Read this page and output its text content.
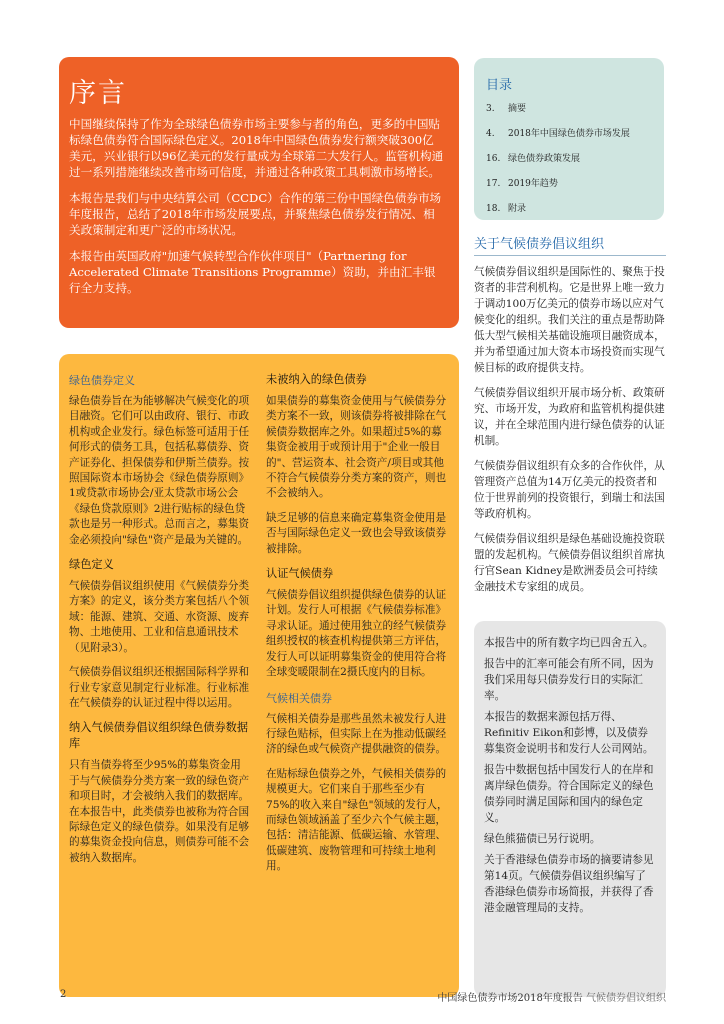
序言

中国继续保持了作为全球绿色债券市场主要参与者的角色，更多的中国贴标绿色债券符合国际绿色定义。2018年中国绿色债券发行额突破300亿美元，兴业银行以96亿美元的发行量成为全球第二大发行人。监管机构通过一系列措施继续改善市场可信度，并通过各种政策工具刺激市场增长。

本报告是我们与中央结算公司（CCDC）合作的第三份中国绿色债券市场年度报告，总结了2018年市场发展要点，并聚焦绿色债券发行情况、相关政策制定和更广泛的市场状况。

本报告由英国政府"加速气候转型合作伙伴项目"（Partnering for Accelerated Climate Transitions Programme）资助，并由汇丰银行全力支持。

目录
3. 摘要
4. 2018年中国绿色债券市场发展
16. 绿色债券政策发展
17. 2019年趋势
18. 附录
关于气候债券倡议组织

气候债券倡议组织是国际性的、聚焦于投资者的非营利机构。它是世界上唯一致力于调动100万亿美元的债券市场以应对气候变化的组织。我们关注的重点是帮助降低大型气候相关基础设施项目融资成本，并为希望通过加大资本市场投资而实现气候目标的政府提供支持。

气候债券倡议组织开展市场分析、政策研究、市场开发，为政府和监管机构提供建议，并在全球范围内进行绿色债券的认证机制。

气候债券倡议组织有众多的合作伙伴，从管理资产总值为14万亿美元的投资者和位于世界前列的投资银行，到瑞士和法国等政府机构。

气候债券倡议组织是绿色基础设施投资联盟的发起机构。气候债券倡议组织首席执行官Sean Kidney是欧洲委员会可持续金融技术专家组的成员。

绿色债券定义

绿色债券旨在为能够解决气候变化的项目融资。它们可以由政府、银行、市政机构或企业发行。绿色标签可适用于任何形式的债务工具，包括私募债券、资产证券化、担保债券和伊斯兰债券。按照国际资本市场协会《绿色债券原则》1或贷款市场协会/亚太贷款市场公会《绿色贷款原则》2进行贴标的绿色贷款也是另一种形式。总而言之，募集资金必须投向"绿色"资产是最为关键的。

绿色定义

气候债券倡议组织使用《气候债券分类方案》的定义，该分类方案包括八个领域：能源、建筑、交通、水资源、废弃物、土地使用、工业和信息通讯技术（见附录3）。

气候债券倡议组织还根据国际科学界和行业专家意见制定行业标准。行业标准在气候债券的认证过程中得以运用。

纳入气候债券倡议组织绿色债券数据库

只有当债券将至少95%的募集资金用于与气候债券分类方案一致的绿色资产和项目时，才会被纳入我们的数据库。在本报告中，此类债券也被称为符合国际绿色定义的绿色债券。如果没有足够的募集资金投向信息，则债券可能不会被纳入数据库。

未被纳入的绿色债券

如果债券的募集资金使用与气候债券分类方案不一致，则该债券将被排除在气候债券数据库之外。如果超过5%的募集资金被用于或预计用于"企业一般目的"、营运资本、社会资产/项目或其他不符合气候债券分类方案的资产，则也不会被纳入。

缺乏足够的信息来确定募集资金使用是否与国际绿色定义一致也会导致该债券被排除。

认证气候债券

气候债券倡议组织提供绿色债券的认证计划。发行人可根据《气候债券标准》寻求认证。通过使用独立的经气候债券组织授权的核查机构提供第三方评估，发行人可以证明募集资金的使用符合将全球变暖限制在2摄氏度内的目标。

气候相关债券

气候相关债券是那些虽然未被发行人进行绿色贴标，但实际上在为推动低碳经济的绿色或气候资产提供融资的债券。

在贴标绿色债券之外，气候相关债券的规模更大。它们来自于那些至少有75%的收入来自"绿色"领域的发行人，而绿色领域涵盖了至少六个气候主题，包括：清洁能源、低碳运输、水管理、低碳建筑、废物管理和可持续土地利用。

本报告中的所有数字均已四舍五入。

报告中的汇率可能会有所不同，因为我们采用每只债券发行日的实际汇率。

本报告的数据来源包括万得、Refinitiv Eikon和彭博，以及债券募集资金说明书和发行人公司网站。

报告中数据包括中国发行人的在岸和离岸绿色债券。符合国际定义的绿色债券同时满足国际和国内的绿色定义。

绿色熊猫债已另行说明。

关于香港绿色债券市场的摘要请参见第14页。气候债券倡议组织编写了香港绿色债券市场简报，并获得了香港金融管理局的支持。

2	中国绿色债券市场2018年度报告 气候债券倡议组织
